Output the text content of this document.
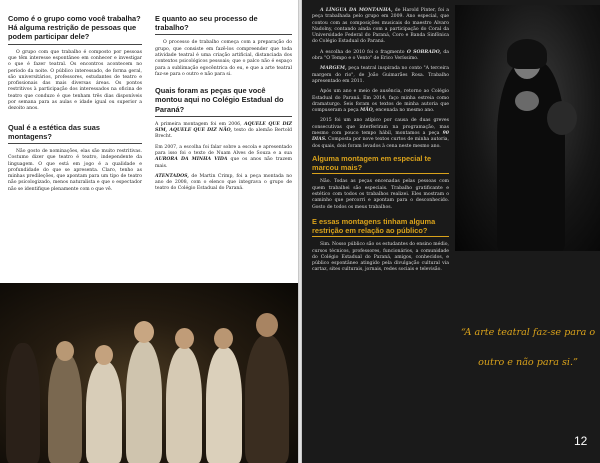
Como é o grupo como você trabalha? Há alguma restrição de pessoas que podem participar dele?

O grupo com que trabalho é composto por pessoas que têm interesse espontâneo em conhecer e investigar o que é fazer teatral. Os encontros acontecem no período da noite. O público interessado, de forma geral, são universitários, professores, estudantes de teatro e profissionais das mais diversas áreas. Os pontos restritivos à participação dos interessados na oficina de teatro que conduzo é que tenham três dias disponíveis por semana para as aulas e idade igual ou superior a dezoito anos.

Qual é a estética das suas montagens?

Não gosto de nominações, elas são muito restritivas. Costumo dizer que teatro é teatro, independente da linguagem. O que está em jogo é a qualidade e profundidade do que se apresenta. Claro, tenho as minhas predileções, que apontam para um tipo de teatro não psicologizado, menos naturalista e que o espectador não se identifique plenamente com o que vê.

E quanto ao seu processo de trabalho?

O processo de trabalho começa com a preparação do grupo, que consiste em fazê-los compreender que toda atividade teatral é uma criação artificial, distanciada dos contextos psicológicos pessoais; que o palco não é espaço para a sublimação egocêntrica do eu, e que a arte teatral faz-se para o outro e não para si.

Quais foram as peças que você montou aqui no Colégio Estadual do Paraná?

A primeira montagem foi em 2006, AQUELE QUE DIZ SIM, AQUELE QUE DIZ NÃO, texto do alemão Bertold Brecht.

Em 2007, a escolha foi falar sobre a escola e apresentado para isso foi o texto de Nuam Alves de Souza e a sua AURORA DA MINHA VIDA que os anos não trazem mais.

ATENTADOS, de Martin Crimp, foi a peça montada no ano de 2008, com o elenco que integrava o grupo de teatro do Colégio Estadual do Paraná.

A LÍNGUA DA MONTANHA, de Harold Pinter, foi a peça trabalhada pelo grupo em 2009. Ano especial, que contou com as composições musicais do maestro Alvaro Nadolny, contando ainda com a participação do Coral da Universidade Federal do Paraná, Coro e Banda Sinfônica do Colégio Estadual do Paraná.

A escolha de 2010 foi o fragmento O SOBRADO, da obra "O Tempo e o Vento" de Erico Veríssimo.

MARGEM, peça teatral inspirada no conto "A terceira margem do rio", de João Guimarães Rosa. Trabalho apresentado em 2011.

Após um ano e meio de ausência, retorno ao Colégio Estadual do Paraná. Em 2014, faço minha estreia como dramaturgo. Seis foram os textos de minha autoria que compuseram a peça MÃO, encenada no mesmo ano.

2015 foi um ano atípico por causa de duas greves consecutivas que interferiram na programação, mas mesmo com pouco tempo hábil, montamos a peça 90 DIAS. Composta por nove textos curtos de minha autoria, dos quais, dois foram levados à cena neste mesmo ano.

Alguma montagem em especial te marcou mais?

Não. Todas as peças encenadas pelas pessoas com quem trabalhei são especiais. Trabalho gratificante e estético com todos os trabalhos realizei. Eles mostram o caminho que percorri e apontam para o desconhecido. Gosto de todos os meus trabalhos.

E essas montagens tinham alguma restrição em relação ao público?

Sim. Nosso público são os estudantes do ensino médio, cursos técnicos, professores, funcionários, a comunidade do Colégio Estadual do Paraná, amigos, conhecidos, e público espontâneo atingido pela divulgação cultural via cartaz, sites culturais, jornais, redes sociais e televisão.

“A arte teatral faz-se para o outro e não para si.”
12
